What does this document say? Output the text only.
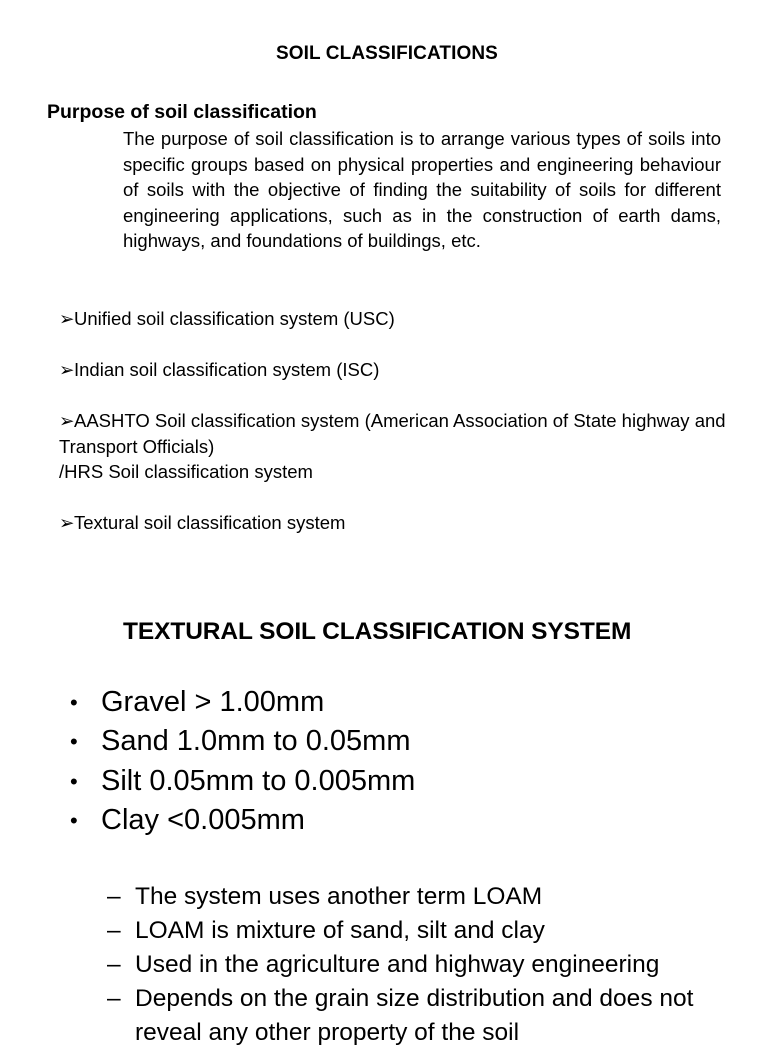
SOIL CLASSIFICATIONS
Purpose of soil classification

The purpose of soil classification is to arrange various types of soils into specific groups based on physical properties and engineering behaviour of soils with the objective of finding the suitability of soils for different engineering applications, such as in the construction of earth dams, highways, and foundations of buildings, etc.

➢Unified soil classification system (USC)
➢Indian soil classification system (ISC)
➢AASHTO Soil classification system (American Association of State highway and Transport Officials)
/HRS Soil classification system
➢Textural soil classification system
TEXTURAL SOIL CLASSIFICATION SYSTEM
• Gravel > 1.00mm
• Sand 1.0mm to 0.05mm
• Silt 0.05mm to 0.005mm
• Clay <0.005mm
– The system uses another term LOAM
– LOAM is mixture of sand, silt and clay
– Used in the agriculture and highway engineering
– Depends on the grain size distribution and does not reveal any other property of the soil
